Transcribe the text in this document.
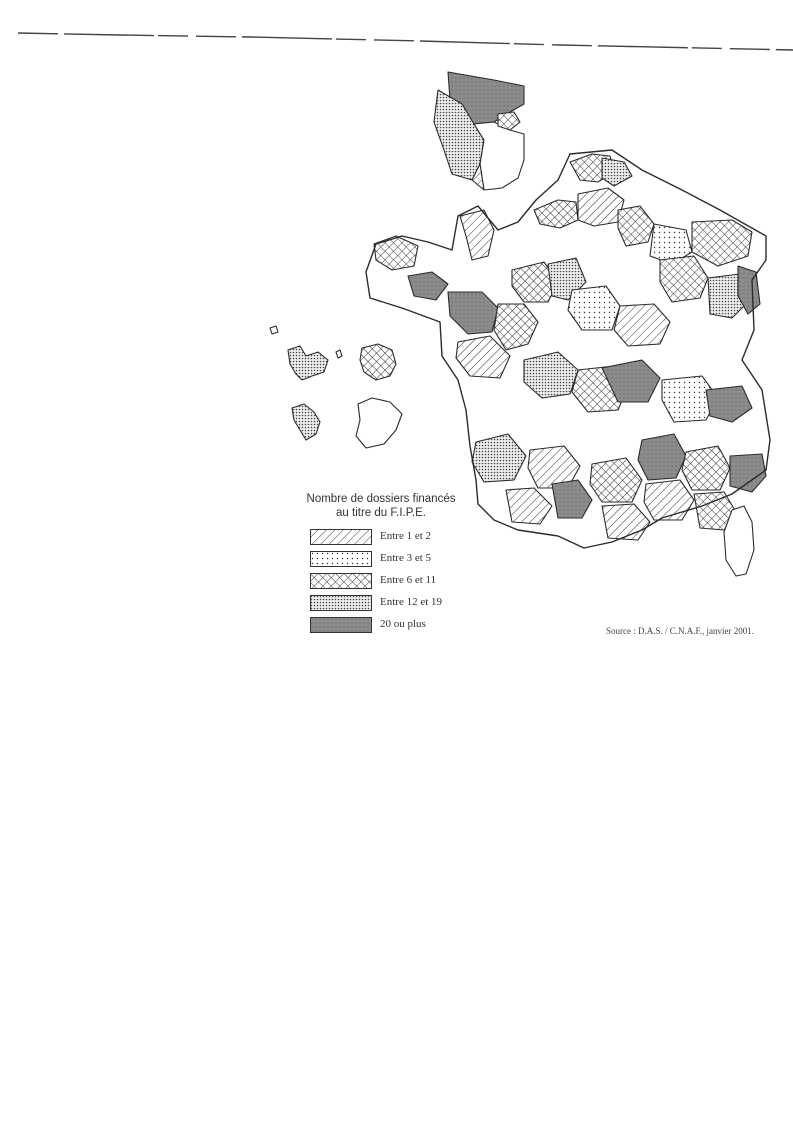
Nombre de dossiers financés
au titre du F.I.P.E.
Entre 1 et 2
Entre 3 et 5
Entre 6 et 11
Entre 12 et 19
20 ou plus
Source : D.A.S. / C.N.A.F., janvier 2001.
